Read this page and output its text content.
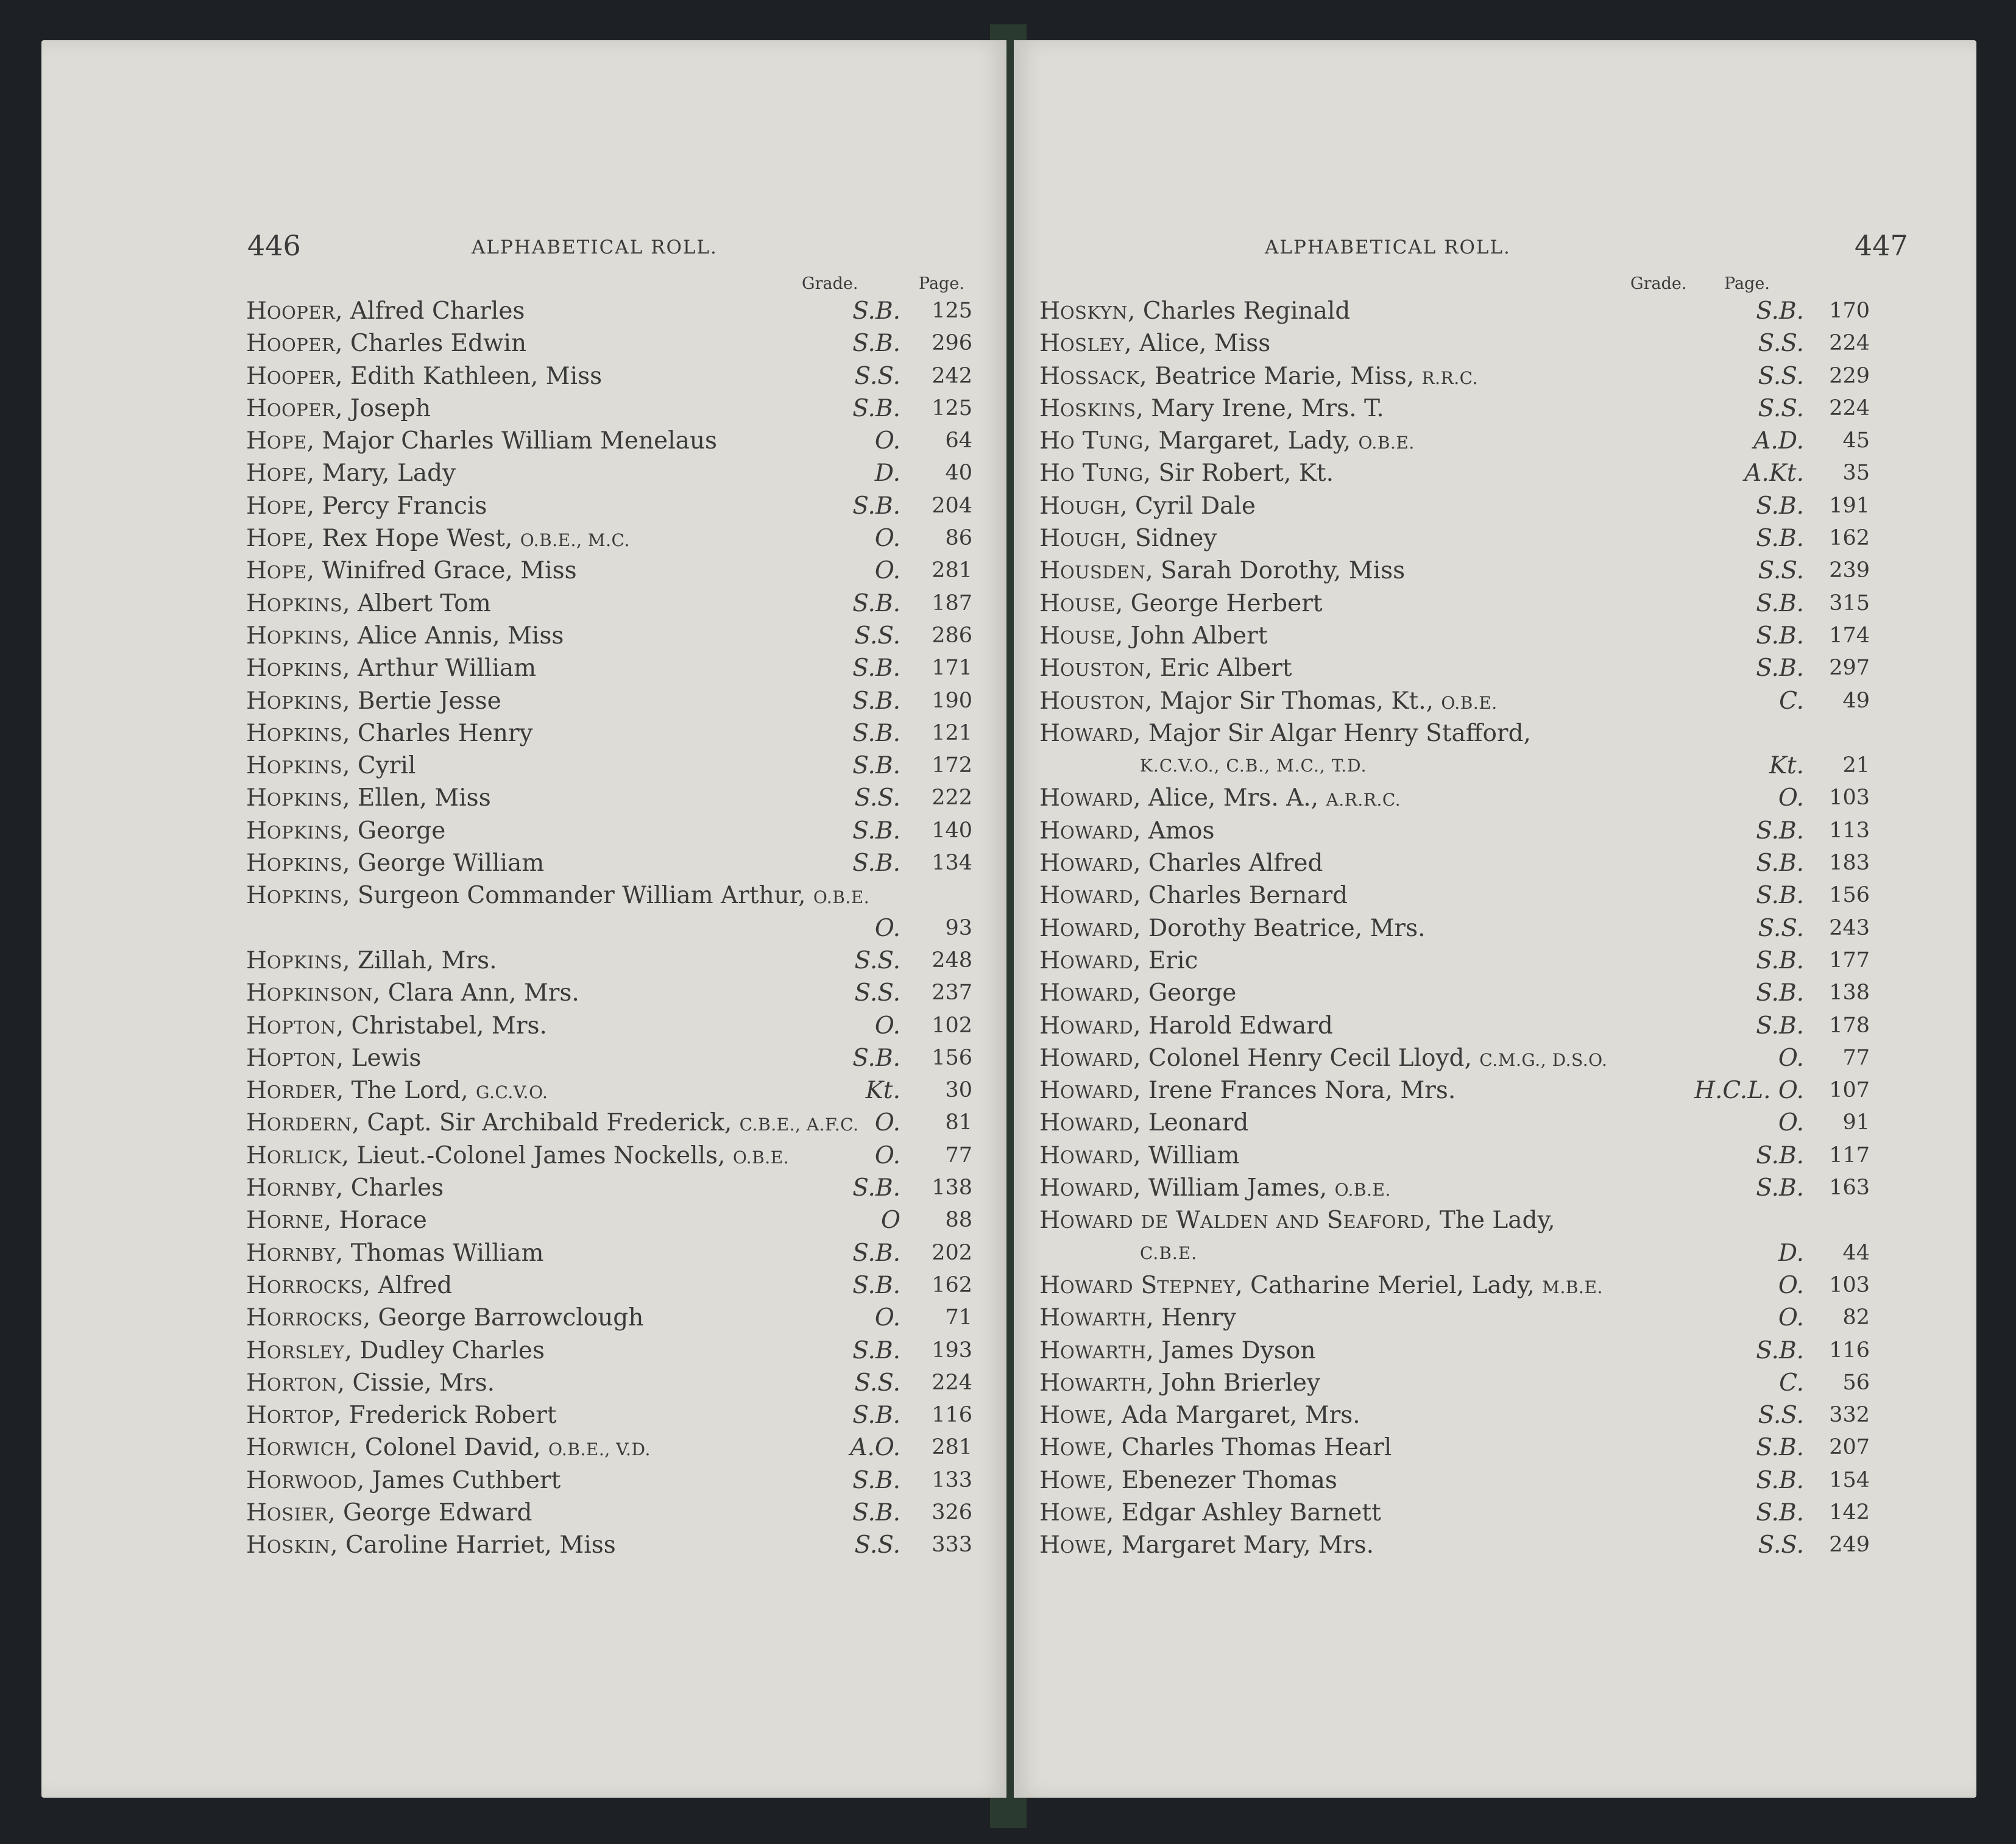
446	ALPHABETICAL ROLL.
Grade.	Page.
HOOPER, Alfred Charles	S.B.	125
HOOPER, Charles Edwin	S.B.	296
HOOPER, Edith Kathleen, Miss	S.S.	242
HOOPER, Joseph	S.B.	125
HOPE, Major Charles William Menelaus	O.	64
HOPE, Mary, Lady	D.	40
HOPE, Percy Francis	S.B.	204
HOPE, Rex Hope West, O.B.E., M.C.	O.	86
HOPE, Winifred Grace, Miss	O.	281
HOPKINS, Albert Tom	S.B.	187
HOPKINS, Alice Annis, Miss	S.S.	286
HOPKINS, Arthur William	S.B.	171
HOPKINS, Bertie Jesse	S.B.	190
HOPKINS, Charles Henry	S.B.	121
HOPKINS, Cyril	S.B.	172
HOPKINS, Ellen, Miss	S.S.	222
HOPKINS, George	S.B.	140
HOPKINS, George William	S.B.	134
HOPKINS, Surgeon Commander William Arthur, O.B.E.
O.	93
HOPKINS, Zillah, Mrs.	S.S.	248
HOPKINSON, Clara Ann, Mrs.	S.S.	237
HOPTON, Christabel, Mrs.	O.	102
HOPTON, Lewis	S.B.	156
HORDER, The Lord, G.C.V.O.	Kt.	30
HORDERN, Capt. Sir Archibald Frederick, C.B.E., A.F.C. O.	81
HORLICK, Lieut.-Colonel James Nockells, O.B.E.	O.	77
HORNBY, Charles	S.B.	138
HORNE, Horace	O	88
HORNBY, Thomas William	S.B.	202
HORROCKS, Alfred	S.B.	162
HORROCKS, George Barrowclough	O.	71
HORSLEY, Dudley Charles	S.B.	193
HORTON, Cissie, Mrs.	S.S.	224
HORTOP, Frederick Robert	S.B.	116
HORWICH, Colonel David, O.B.E., V.D.	A.O.	281
HORWOOD, James Cuthbert	S.B.	133
HOSIER, George Edward	S.B.	326
HOSKIN, Caroline Harriet, Miss	S.S.	333
ALPHABETICAL ROLL.	447
Grade. Page.
HOSKYN, Charles Reginald	S.B.	170
HOSLEY, Alice, Miss	S.S.	224
HOSSACK, Beatrice Marie, Miss, R.R.C.	S.S.	229
HOSKINS, Mary Irene, Mrs. T.	S.S.	224
HO TUNG, Margaret, Lady, O.B.E.	A.D.	45
HO TUNG, Sir Robert, Kt.	A.Kt.	35
HOUGH, Cyril Dale	S.B.	191
HOUGH, Sidney	S.B.	162
HOUSDEN, Sarah Dorothy, Miss	S.S.	239
HOUSE, George Herbert	S.B.	315
HOUSE, John Albert	S.B.	174
HOUSTON, Eric Albert	S.B.	297
HOUSTON, Major Sir Thomas, Kt., O.B.E.	C.	49
HOWARD, Major Sir Algar Henry Stafford,
K.C.V.O., C.B., M.C., T.D.	Kt.	21
HOWARD, Alice, Mrs. A., A.R.R.C.	O.	103
HOWARD, Amos	S.B.	113
HOWARD, Charles Alfred	S.B.	183
HOWARD, Charles Bernard	S.B.	156
HOWARD, Dorothy Beatrice, Mrs.	S.S.	243
HOWARD, Eric	S.B.	177
HOWARD, George	S.B.	138
HOWARD, Harold Edward	S.B.	178
HOWARD, Colonel Henry Cecil Lloyd, C.M.G., D.S.O.	O.	77
HOWARD, Irene Frances Nora, Mrs.	H.C.L. O.	107
HOWARD, Leonard	O.	91
HOWARD, William	S.B.	117
HOWARD, William James, O.B.E.	S.B.	163
HOWARD DE WALDEN AND SEAFORD, The Lady,
C.B.E.	D.	44
HOWARD STEPNEY, Catharine Meriel, Lady, M.B.E.	O.	103
HOWARTH, Henry	O.	82
HOWARTH, James Dyson	S.B.	116
HOWARTH, John Brierley	C.	56
HOWE, Ada Margaret, Mrs.	S.S.	332
HOWE, Charles Thomas Hearl	S.B.	207
HOWE, Ebenezer Thomas	S.B.	154
HOWE, Edgar Ashley Barnett	S.B.	142
HOWE, Margaret Mary, Mrs.	S.S.	249
